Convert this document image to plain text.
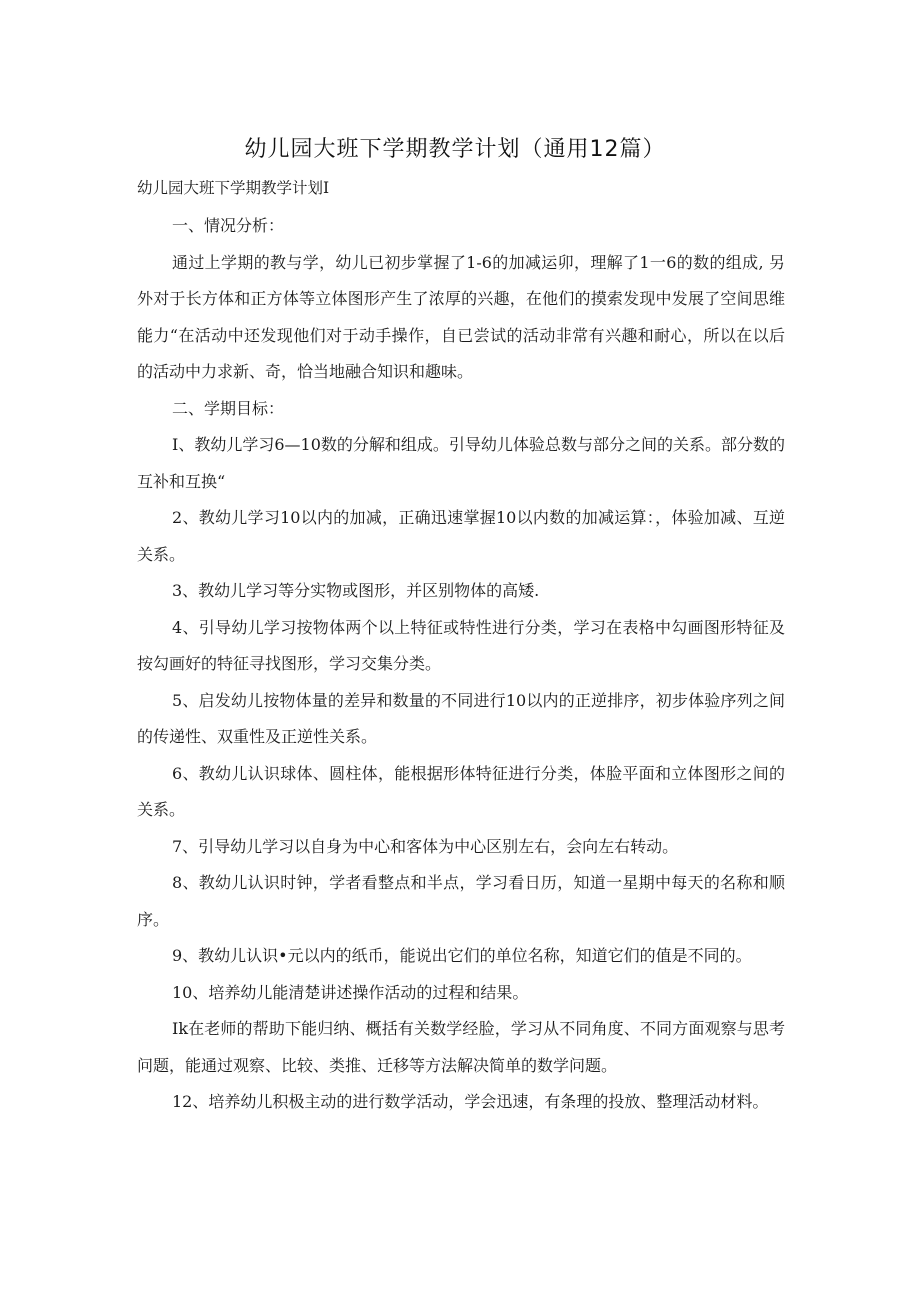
幼儿园大班下学期教学计划（通用12篇）

幼儿园大班下学期教学计划I

一、情况分析：

通过上学期的教与学，幼儿已初步掌握了1-6的加减运卯，理解了1一6的数的组成, 另外对于长方体和正方体等立体图形产生了浓厚的兴趣，在他们的摸索发现中发展了空间思维能力“在活动中还发现他们对于动手操作，自已尝试的活动非常有兴趣和耐心，所以在以后的活动中力求新、奇，恰当地融合知识和趣味。

二、学期目标：

I、教幼儿学习6—10数的分解和组成。引导幼儿体验总数与部分之间的关系。部分数的互补和互换“

2、教幼儿学习10以内的加减，正确迅速掌握10以内数的加减运算：，体验加减、互逆关系。

3、教幼儿学习等分实物或图形，并区别物体的高矮.

4、引导幼儿学习按物体两个以上特征或特性进行分类，学习在表格中勾画图形特征及按勾画好的特征寻找图形，学习交集分类。

5、启发幼儿按物体量的差异和数量的不同进行10以内的正逆排序，初步体验序列之间的传递性、双重性及正逆性关系。

6、教幼儿认识球体、圆柱体，能根据形体特征进行分类，体脸平面和立体图形之间的关系。

7、引导幼儿学习以自身为中心和客体为中心区别左右，会向左右转动。

8、教幼儿认识时钟，学者看整点和半点，学习看日历，知道一星期中每天的名称和顺序。

9、教幼儿认识•元以内的纸币，能说出它们的单位名称，知道它们的值是不同的。

10、培养幼儿能清楚讲述操作活动的过程和结果。

Ik在老师的帮助下能归纳、概括有关数学经脸，学习从不同角度、不同方面观察与思考问题，能通过观察、比较、类推、迁移等方法解决简单的数学问题。

12、培养幼儿积极主动的进行数学活动，学会迅速，有条理的投放、整理活动材料。
